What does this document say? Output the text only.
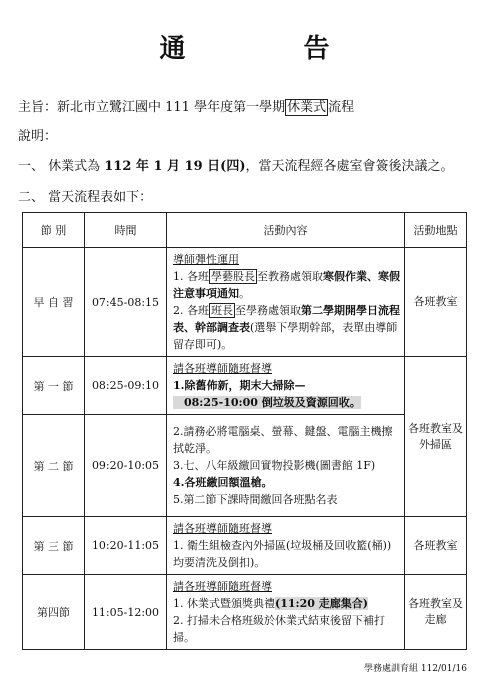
通　告
主旨：新北市立鷺江國中 111 學年度第一學期 休業式 流程
說明：
一、 休業式為 112 年 1 月 19 日(四)，當天流程經各處室會簽後決議之。
二、 當天流程表如下：
節 別	時間	活動內容	活動地點
早 自 習	07:45-08:15	導師彈性運用
1. 各班 學藝股長 至教務處領取寒假作業、寒假注意事項通知。
2. 各班 班長 至學務處領取第二學期開學日流程表、幹部調查表(選舉下學期幹部，表單由導師留存即可)。	各班教室
第 一 節	08:25-09:10	請各班導師隨班督導
1.除舊佈新，期末大掃除—
08:25-10:00 倒垃圾及資源回收。	各班教室及外掃區
第 二 節	09:20-10:05	2.請務必將電腦桌、螢幕、鍵盤、電腦主機擦拭乾淨。
3.七、八年級繳回實物投影機(圖書館 1F)
4.各班繳回額溫槍。
5.第二節下課時間繳回各班點名表	

第 三 節	10:20-11:05	請各班導師隨班督導
1. 衛生組檢查內外掃區(垃圾桶及回收籃(桶))均要清洗及倒扣)。	各班教室
第四節	11:05-12:00	請各班導師隨班督導
1. 休業式暨頒獎典禮(11:20 走廊集合)
2. 打掃未合格班級於休業式結束後留下補打掃。	各班教室及走廊
學務處訓育組 112/01/16
